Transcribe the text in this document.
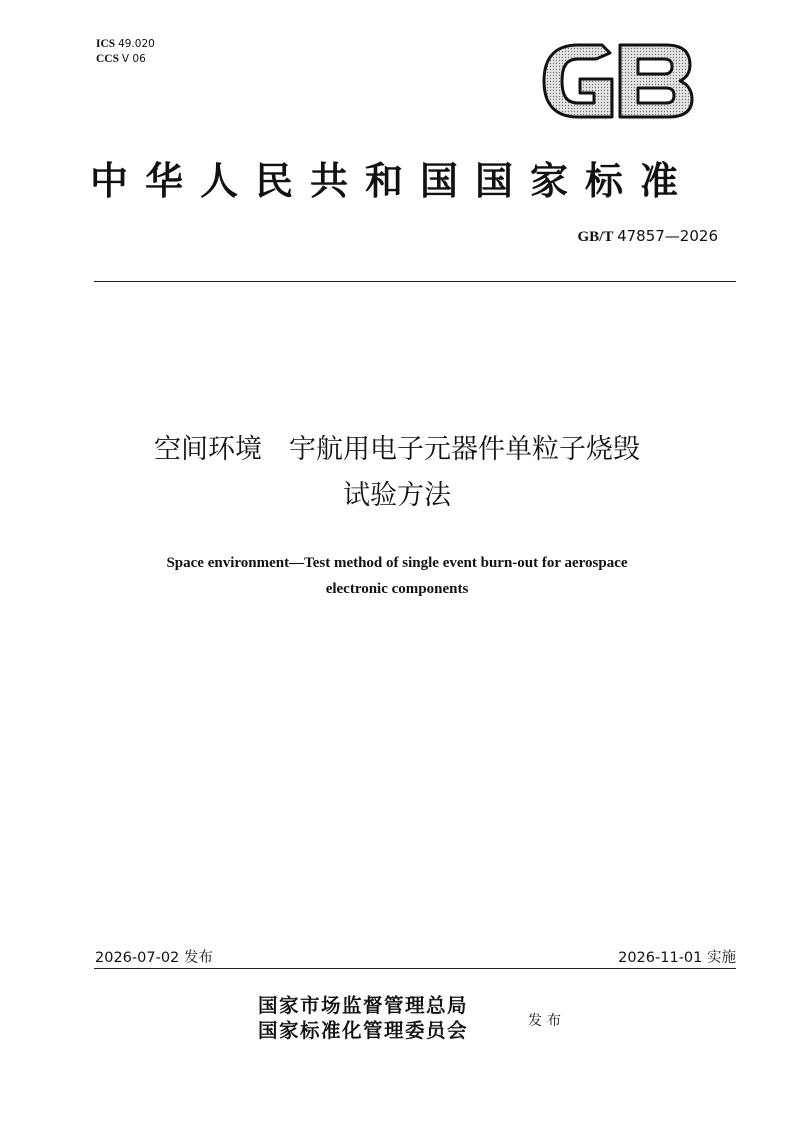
ICS 49.020
CCS V 06
中华人民共和国国家标准
GB/T 47857—2026
空间环境　宇航用电子元器件单粒子烧毁
试验方法
Space environment—Test method of single event burn-out for aerospace
electronic components
2026-07-02 发布	2026-11-01 实施
国家市场监督管理总局
国家标准化管理委员会	发布
